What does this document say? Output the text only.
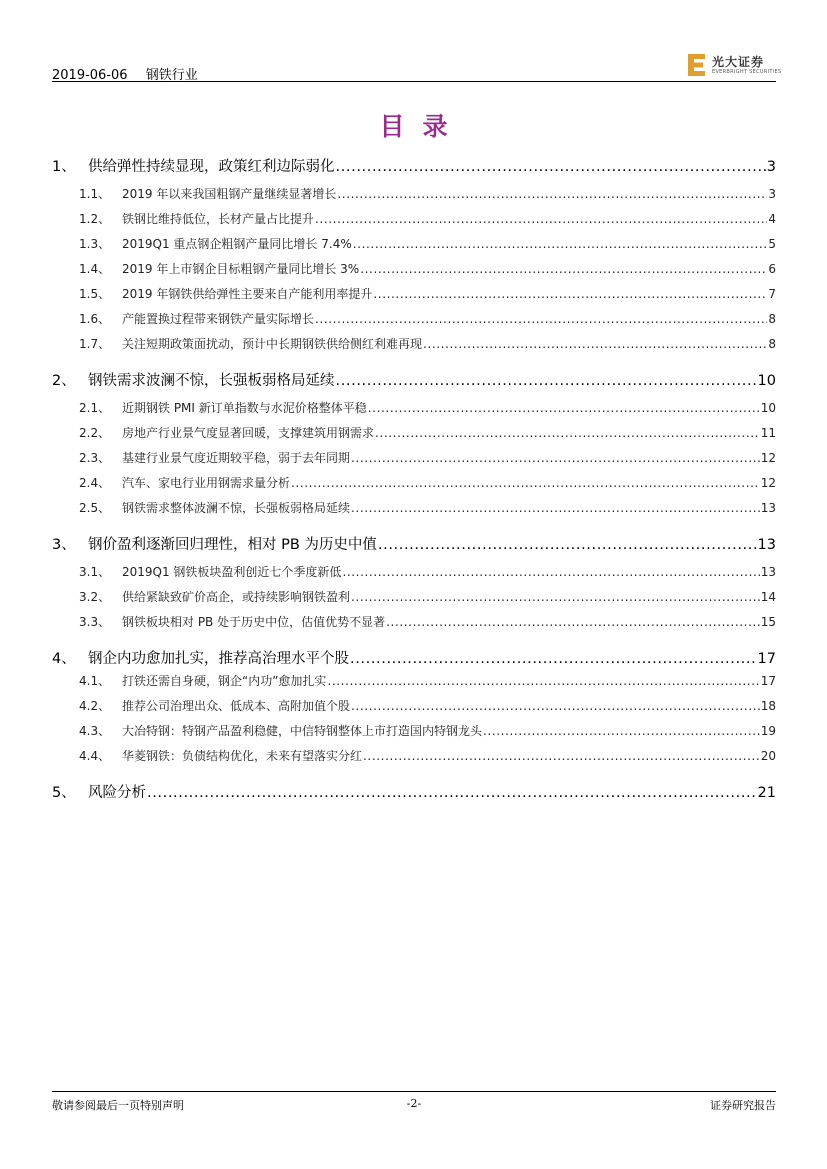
2019-06-06 钢铁行业
光大证券
EVERBRIGHT SECURITIES
目录
1、 供给弹性持续显现，政策红利边际弱化 .....	3
1.1、 2019 年以来我国粗钢产量继续显著增长 .....	3
1.2、 铁钢比维持低位，长材产量占比提升 .....	4
1.3、 2019Q1 重点钢企粗钢产量同比增长 7.4% .....	5
1.4、 2019 年上市钢企目标粗钢产量同比增长 3% .....	6
1.5、 2019 年钢铁供给弹性主要来自产能利用率提升 .....	7
1.6、 产能置换过程带来钢铁产量实际增长 .....	8
1.7、 关注短期政策面扰动，预计中长期钢铁供给侧红利难再现 .....	8
2、 钢铁需求波澜不惊，长强板弱格局延续 .....	10
2.1、 近期钢铁 PMI 新订单指数与水泥价格整体平稳 .....	10
2.2、 房地产行业景气度显著回暖，支撑建筑用钢需求 .....	11
2.3、 基建行业景气度近期较平稳，弱于去年同期 .....	12
2.4、 汽车、家电行业用钢需求量分析 .....	12
2.5、 钢铁需求整体波澜不惊，长强板弱格局延续 .....	13
3、 钢价盈利逐渐回归理性，相对 PB 为历史中值 .....	13
3.1、 2019Q1 钢铁板块盈利创近七个季度新低 .....	13
3.2、 供给紧缺致矿价高企，或持续影响钢铁盈利 .....	14
3.3、 钢铁板块相对 PB 处于历史中位，估值优势不显著 .....	15
4、 钢企内功愈加扎实，推荐高治理水平个股 .....	17
4.1、 打铁还需自身硬，钢企“内功”愈加扎实 .....	17
4.2、 推荐公司治理出众、低成本、高附加值个股 .....	18
4.3、 大冶特钢：特钢产品盈利稳健，中信特钢整体上市打造国内特钢龙头 .....	19
4.4、 华菱钢铁：负债结构优化，未来有望落实分红 .....	20
5、 风险分析 .....	21
敬请参阅最后一页特别声明	-2-	证券研究报告
